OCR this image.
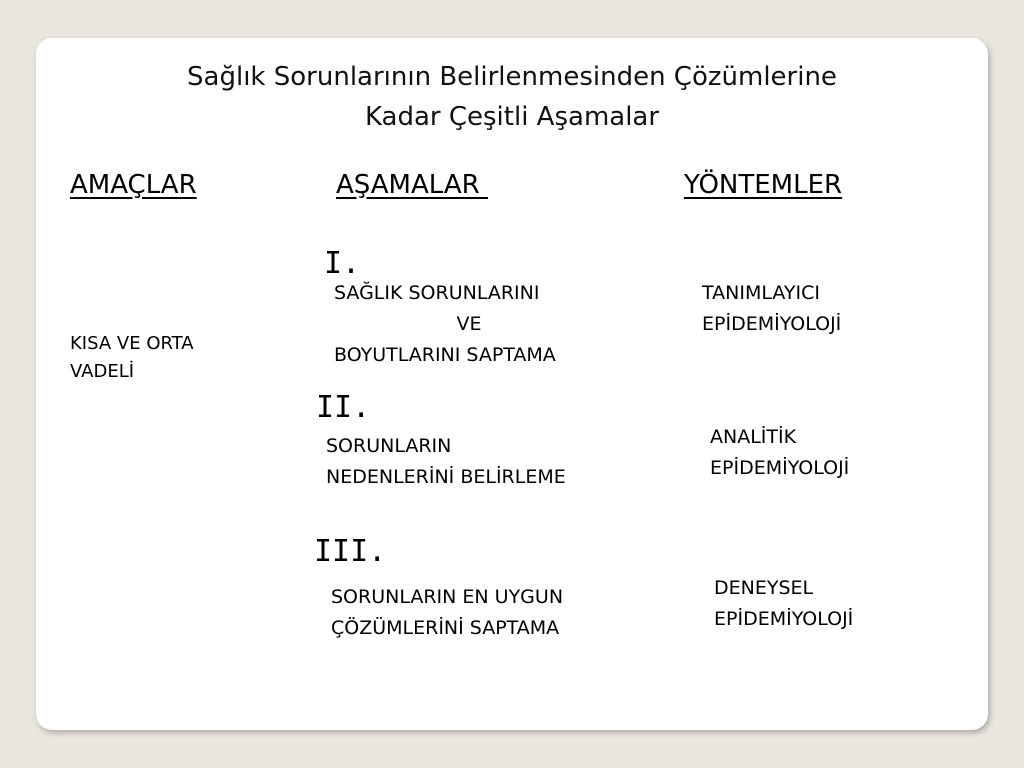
Sağlık Sorunlarının Belirlenmesinden Çözümlerine
Kadar Çeşitli Aşamalar
AMAÇLAR	AŞAMALAR	YÖNTEMLER
KISA VE ORTA
VADELİ
I.
SAĞLIK SORUNLARINI
VE
BOYUTLARINI SAPTAMA
TANIMLAYICI
EPİDEMİYOLOJİ
II.
SORUNLARIN
NEDENLERİNİ BELİRLEME
ANALİTİK
EPİDEMİYOLOJİ
III.
SORUNLARIN EN UYGUN
ÇÖZÜMLERİNİ SAPTAMA
DENEYSEL
EPİDEMİYOLOJİ
